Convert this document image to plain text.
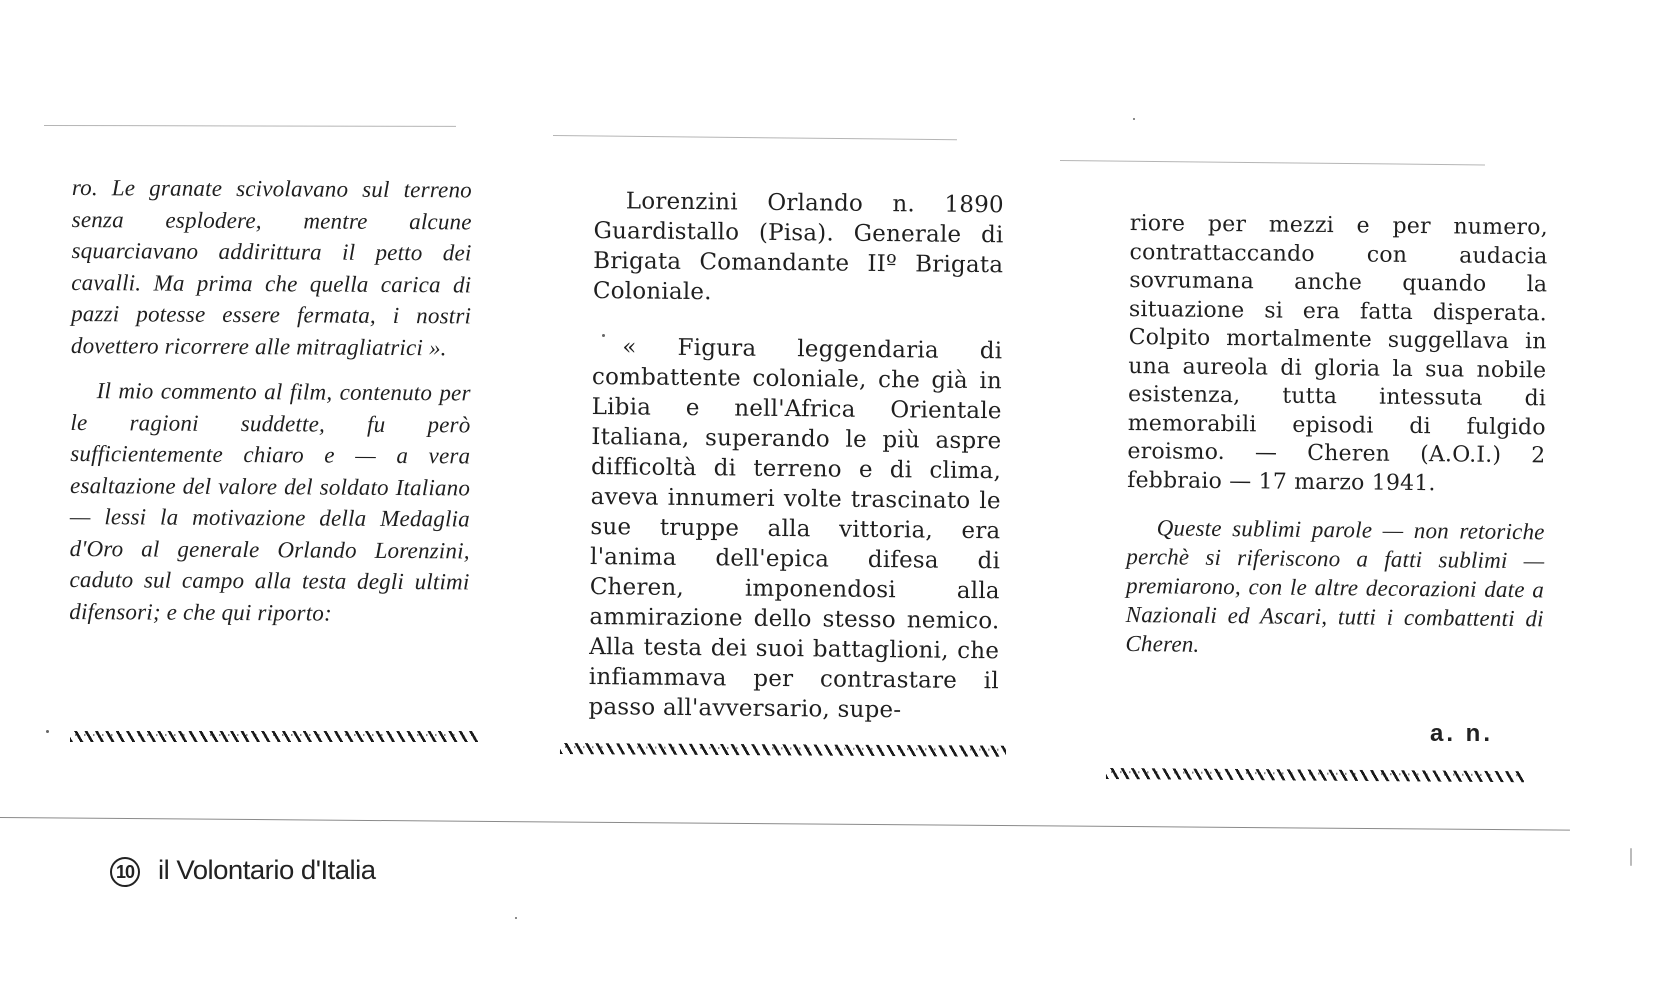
ro. Le granate scivolavano sul terreno senza esplodere, mentre alcune squarciavano addirittura il petto dei cavalli. Ma prima che quella carica di pazzi potesse essere fermata, i nostri dovettero ricorrere alle mitragliatrici ».

Il mio commento al film, contenuto per le ragioni suddette, fu però sufficientemente chiaro e — a vera esaltazione del valore del soldato Italiano — lessi la motivazione della Medaglia d'Oro al generale Orlando Lorenzini, caduto sul campo alla testa degli ultimi difensori; e che qui riporto:

Lorenzini Orlando n. 1890 Guardistallo (Pisa). Generale di Brigata Comandante IIº Brigata Coloniale.

« Figura leggendaria di combattente coloniale, che già in Libia e nell'Africa Orientale Italiana, superando le più aspre difficoltà di terreno e di clima, aveva innumeri volte trascinato le sue truppe alla vittoria, era l'anima dell'epica difesa di Cheren, imponendosi alla ammirazione dello stesso nemico. Alla testa dei suoi battaglioni, che infiammava per contrastare il passo all'avversario, supe-

riore per mezzi e per numero, contrattaccando con audacia sovrumana anche quando la situazione si era fatta disperata. Colpito mortalmente suggellava in una aureola di gloria la sua nobile esistenza, tutta intessuta di memorabili episodi di fulgido eroismo. — Cheren (A.O.I.) 2 febbraio — 17 marzo 1941.

Queste sublimi parole — non retoriche perchè si riferiscono a fatti sublimi — premiarono, con le altre decorazioni date a Nazionali ed Ascari, tutti i combattenti di Cheren.

a. n.
10 il Volontario d'Italia
